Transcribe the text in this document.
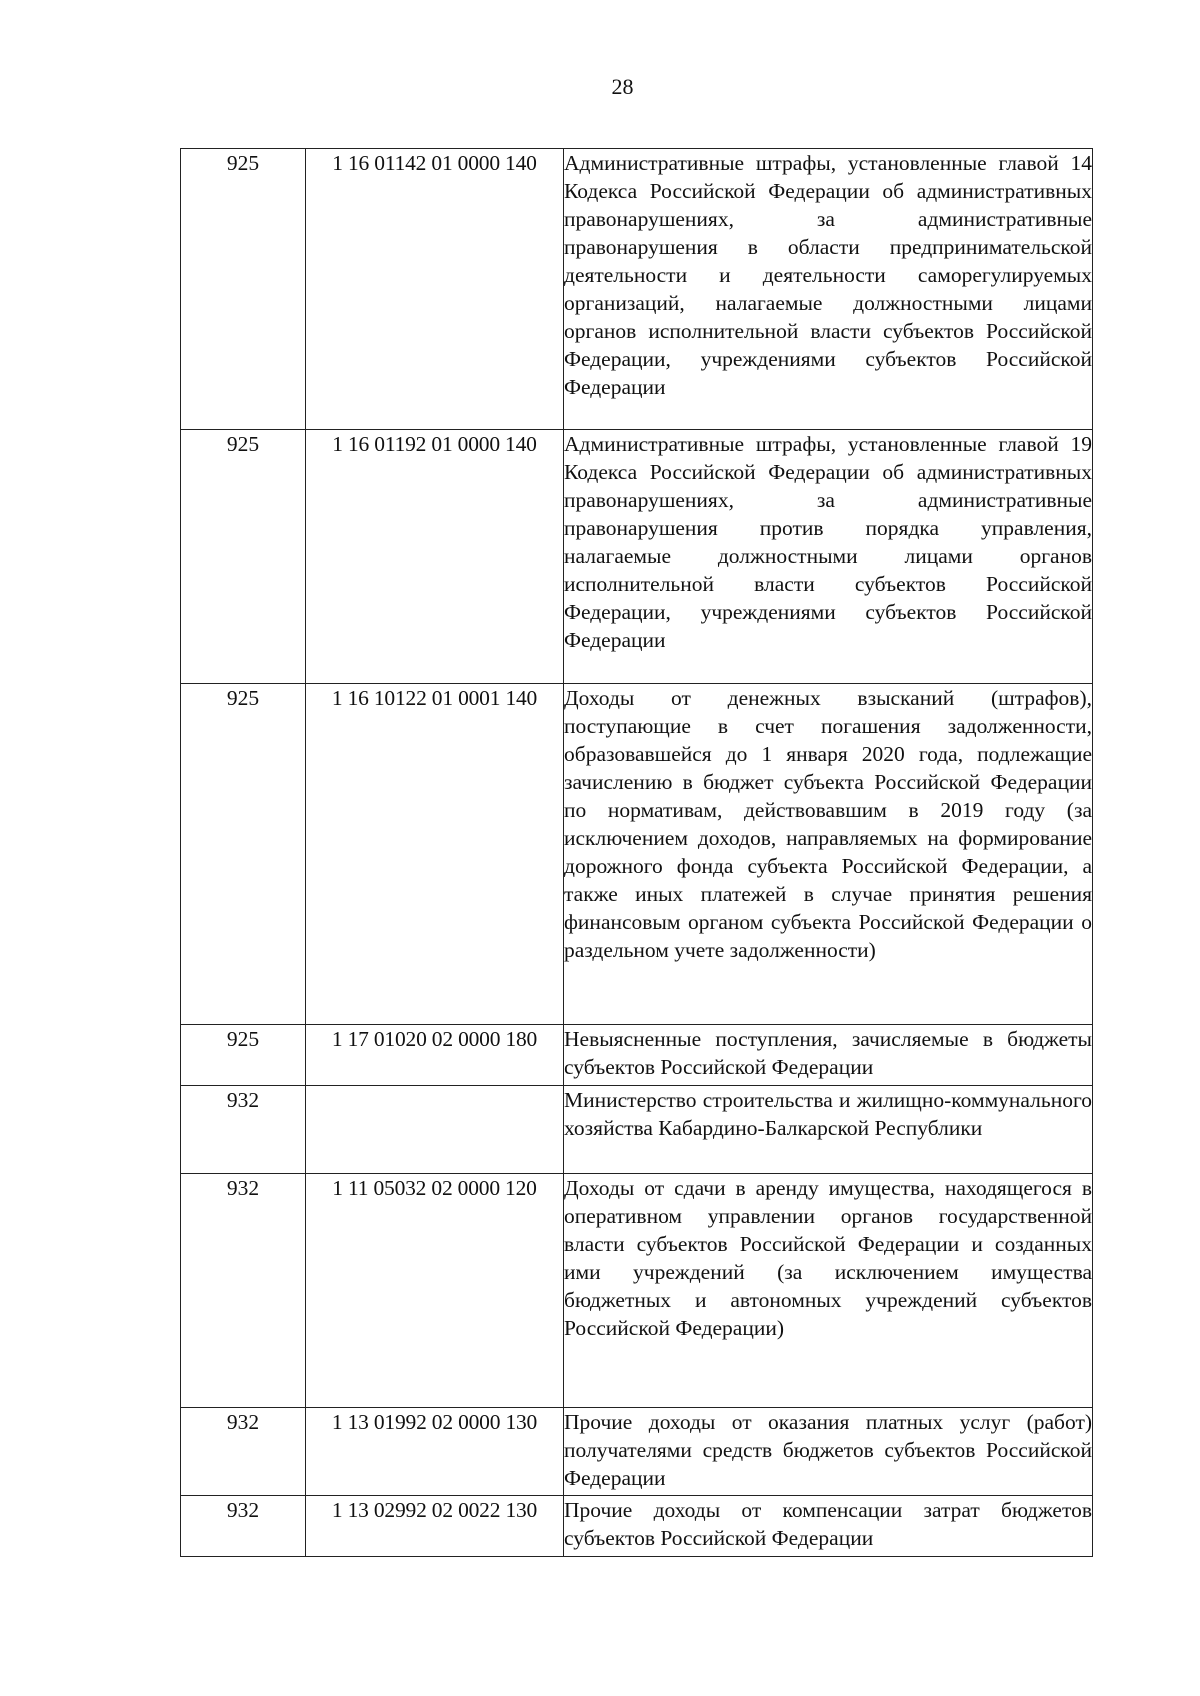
28
925	1 16 01142 01 0000 140	Административные штрафы, установленные главой 14 Кодекса Российской Федерации об административных правонарушениях, за административные правонарушения в области предпринимательской деятельности и деятельности саморегулируемых организаций, налагаемые должностными лицами органов исполнительной власти субъектов Российской Федерации, учреждениями субъектов Российской Федерации
925	1 16 01192 01 0000 140	Административные штрафы, установленные главой 19 Кодекса Российской Федерации об административных правонарушениях, за административные правонарушения против порядка управления, налагаемые должностными лицами органов исполнительной власти субъектов Российской Федерации, учреждениями субъектов Российской Федерации
925	1 16 10122 01 0001 140	Доходы от денежных взысканий (штрафов), поступающие в счет погашения задолженности, образовавшейся до 1 января 2020 года, подлежащие зачислению в бюджет субъекта Российской Федерации по нормативам, действовавшим в 2019 году (за исключением доходов, направляемых на формирование дорожного фонда субъекта Российской Федерации, а также иных платежей в случае принятия решения финансовым органом субъекта Российской Федерации о раздельном учете задолженности)
925	1 17 01020 02 0000 180	Невыясненные поступления, зачисляемые в бюджеты субъектов Российской Федерации
932		Министерство строительства и жилищно-коммунального хозяйства Кабардино-Балкарской Республики
932	1 11 05032 02 0000 120	Доходы от сдачи в аренду имущества, находящегося в оперативном управлении органов государственной власти субъектов Российской Федерации и созданных ими учреждений (за исключением имущества бюджетных и автономных учреждений субъектов Российской Федерации)
932	1 13 01992 02 0000 130	Прочие доходы от оказания платных услуг (работ) получателями средств бюджетов субъектов Российской Федерации
932	1 13 02992 02 0022 130	Прочие доходы от компенсации затрат бюджетов субъектов Российской Федерации
